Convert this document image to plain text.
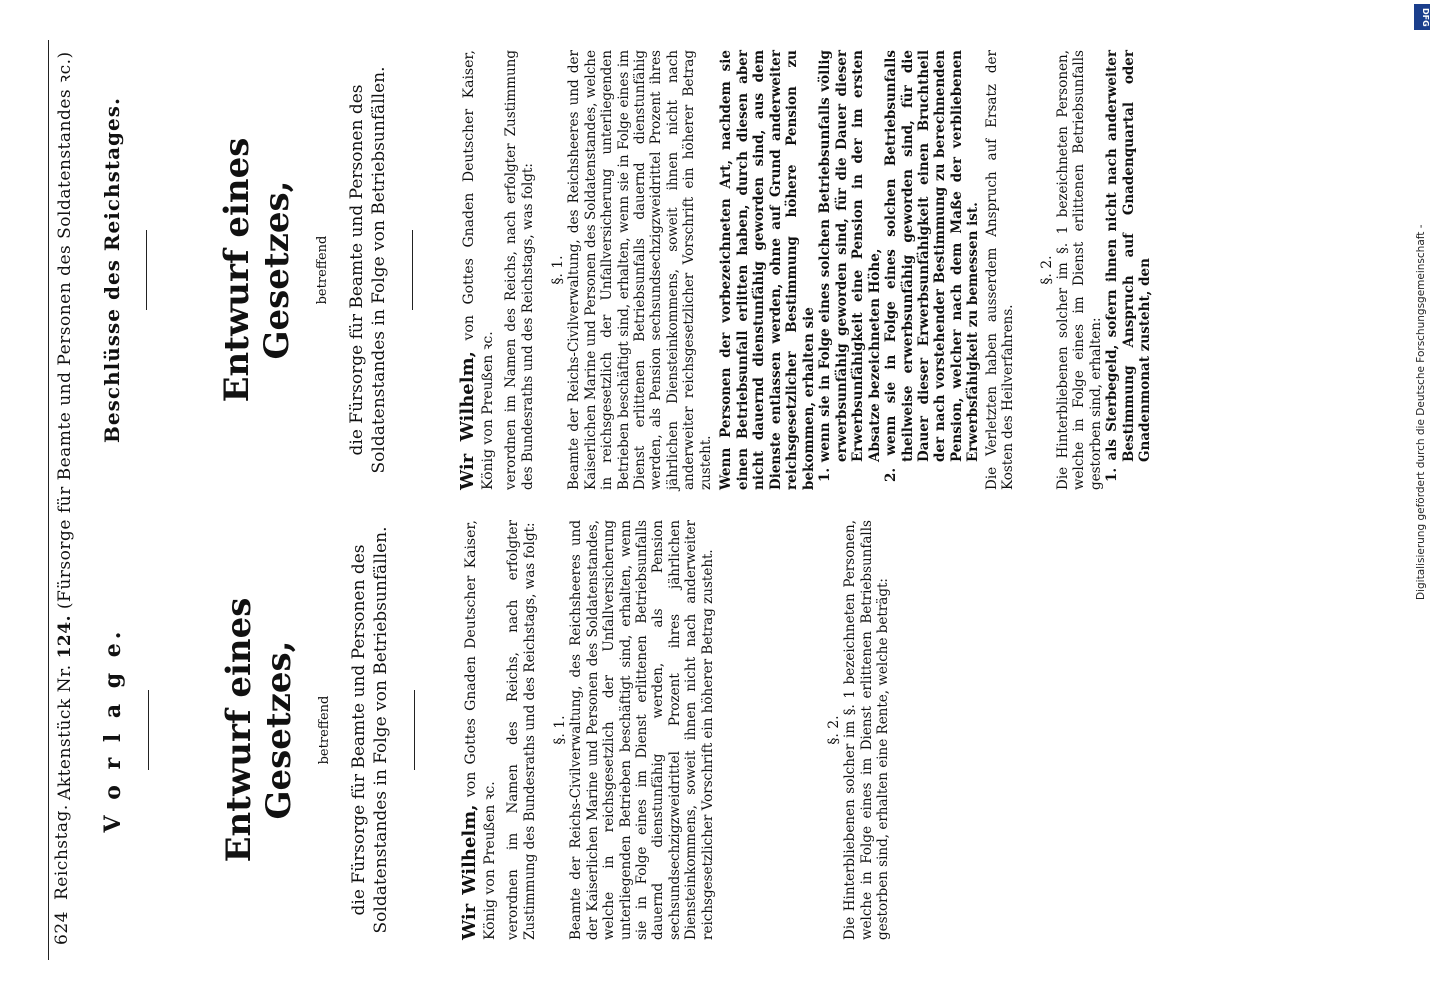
624
Reichstag.
Aktenstück Nr. 124. (Fürsorge für Beamte und Personen des Soldatenstandes ꝛc.)
V o r l a g e.	Entwurf eines Gesetzes, betreffend die Fürsorge für Beamte und Personen des Soldatenstandes in Folge von Betriebsunfällen.	Wir Wilhelm, von Gottes Gnaden Deutscher Kaiser, König von Preußen ꝛc. verordnen im Namen des Reichs, nach erfolgter Zustimmung des Bundesraths und des Reichstags, was folgt: §. 1. Beamte der Reichs-Civilverwaltung, des Reichsheeres und der Kaiserlichen Marine und Personen des Soldatenstandes, welche in reichsgesetzlich der Unfallversicherung unterliegenden Betrieben beschäftigt sind, erhalten, wenn sie in Folge eines im Dienst erlittenen Betriebsunfalls dauernd dienstunfähig werden, als Pension sechsundsechzigzweidrittel Prozent ihres jährlichen Diensteinkommens, soweit ihnen nicht nach anderweiter reichsgesetzlicher Vorschrift ein höherer Betrag zusteht.	§. 2. Die Hinterbliebenen solcher im §. 1 bezeichneten Personen, welche in Folge eines im Dienst erlittenen Betriebsunfalls gestorben sind, erhalten eine Rente, welche beträgt:
Beschlüsse des Reichstages.	Entwurf eines Gesetzes, betreffend die Fürsorge für Beamte und Personen des Soldatenstandes in Folge von Betriebsunfällen.	Wir Wilhelm, von Gottes Gnaden Deutscher Kaiser, König von Preußen ꝛc. verordnen im Namen des Reichs, nach erfolgter Zustimmung des Bundesraths und des Reichstags, was folgt: §. 1. Beamte der Reichs-Civilverwaltung, des Reichsheeres und der Kaiserlichen Marine und Personen des Soldatenstandes, welche in reichsgesetzlich der Unfallversicherung unterliegenden Betrieben beschäftigt sind, erhalten, wenn sie in Folge eines im Dienst erlittenen Betriebsunfalls dauernd dienstunfähig werden, als Pension sechsundsechzigzweidrittel Prozent ihres jährlichen Diensteinkommens, soweit ihnen nicht nach anderweiter reichsgesetzlicher Vorschrift ein höherer Betrag zusteht. Wenn Personen der vorbezeichneten Art, nachdem sie einen Betriebsunfall erlitten haben, durch diesen aber nicht dauernd dienstunfähig geworden sind, aus dem Dienste entlassen werden, ohne auf Grund anderweiter reichsgesetzlicher Bestimmung höhere Pension zu bekommen, erhalten sie 1. wenn sie in Folge eines solchen Betriebsunfalls völlig erwerbsunfähig geworden sind, für die Dauer dieser Erwerbsunfähigkeit eine Pension in der im ersten Absatze bezeichneten Höhe, 2. wenn sie in Folge eines solchen Betriebsunfalls theilweise erwerbsunfähig geworden sind, für die Dauer dieser Erwerbsunfähigkeit einen Bruchtheil der nach vorstehender Bestimmung zu berechnenden Pension, welcher nach dem Maße der verbliebenen Erwerbsfähigkeit zu bemessen ist. Die Verletzten haben ausserdem Anspruch auf Ersatz der Kosten des Heilverfahrens.
§. 2. Die Hinterbliebenen solcher im §. 1 bezeichneten Personen, welche in Folge eines im Dienst erlittenen Betriebsunfalls gestorben sind, erhalten: 1. als Sterbegeld, sofern ihnen nicht nach anderweiter Bestimmung Anspruch auf Gnadenquartal oder Gnadenmonat zusteht, den
DFG
Digitalisierung gefördert durch die Deutsche Forschungsgemeinschaft -
